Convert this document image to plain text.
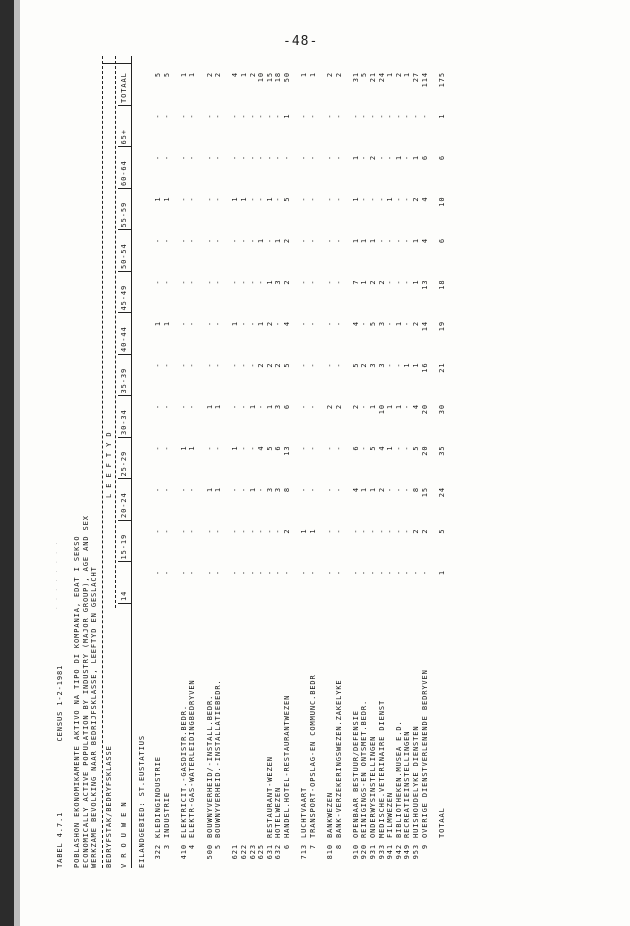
-48-
TABEL 4.7.1  CENSUS 1-2-1981 POBLASHON EKONOMIKAMENTE AKTIVO NA TIPO DI KOMPANIA, EDAT I SEKSO ECONOMICALLY ACTIVE POPULATION BY INDUSTRY (MAJOR GROUP), AGE AND SEX WERKZAME BEVOLKING NAAR BEDRIJFSKLASSE, LEEFTYD EN GESLACHT BEDRYFSTAK/BEDRYFSKLASSE
L E E F T Y D
V R O U W E N
14
15-19
20-24
25-29
30-34
35-39
40-44
45-49
50-54
55-59
60-64
65+
TOTAAL
EILANDGEBIED: ST.EUSTATIUS 322
KLEDINGINDUSTRIE
-
-
-
-
-
-
1
-
-
1
-
-
5
3
INDUSTRIE
-
-
-
-
-
-
1
-
-
1
-
-
5
410
ELEKTRICIT.-GASDISTR.BEDR.
-
-
-
1
-
-
-
-
-
-
-
-
1
4
ELEKTR-GAS-WATERLEIDINGBEDRYVEN
-
-
-
1
-
-
-
-
-
-
-
-
1
500
BOUWNYVERHEID/-INSTALL.BEDR.
-
-
1
-
1
-
-
-
-
-
-
-
2
5
BOUWNYVERHEID.-INSTALLATIEBEDR.
-
-
1
-
1
-
-
-
-
-
-
-
2
621
-
-
-
1
-
-
1
-
-
1
-
-
4
622
-
-
-
-
-
-
-
-
-
1
-
-
1
623
-
-
1
-
1
-
-
-
-
-
-
-
2
625
-
-
-
4
-
2
1
-
1
-
-
-
10
631
RESTAURANT-WEZEN
-
-
3
5
1
2
2
1
-
1
-
-
15
632
HOTELWEZEN
-
-
3
6
3
2
-
3
1
-
-
-
18
6
HANDEL.HOTEL-RESTAURANTWEZEN
-
2
8
13
6
5
4
2
2
5
-
1
50
713
LUCHTVAART
-
1
-
-
-
-
-
-
-
-
-
-
1
7
TRANSPORT-OPSLAG-EN COMMUNC.BEDR
-
1
-
-
-
-
-
-
-
-
-
-
1
810
BANKWEZEN
-
-
-
-
2
-
-
-
-
-
-
-
2
8
BANK-VERZEKERINGSWEZEN.ZAKELYKE
-
-
-
-
2
-
-
-
-
-
-
-
2
910
OPENBAAR BESTUUR/DEFENSIE
-
-
4
6
2
5
4
7
1
1
1
-
31
920
REINIGINGS-EN ONTSMET.BEDR.
-
-
1
-
-
2
-
1
1
-
-
-
5
931
ONDERWYSINSTELLINGEN
-
-
1
5
1
3
5
2
1
-
2
-
21
933
MEDISCHE.VETERINAIRE DIENST
-
-
2
4
10
3
3
2
-
-
-
-
24
941
FILMWEZEN
-
-
-
1
1
-
-
-
-
1
-
-
1
942
BIBLIOTHEKEN.MUSEA E.D.
-
-
-
-
1
-
1
-
-
-
1
-
2
949
RECREATIEINSTELLINGEN
-
-
-
-
-
1
-
-
-
-
-
-
1
953
HUISHOUDELYKE DIENSTEN
-
2
8
5
4
1
2
1
1
2
1
-
27
9
OVERIGE DIENSTVERLENENDE BEDRYVEN
-
2
15
20
20
16
14
13
4
4
6
-
114
TOTAAL
1
5
24
35
30
21
19
18
6
10
6
1
175
. . . . . . . .
